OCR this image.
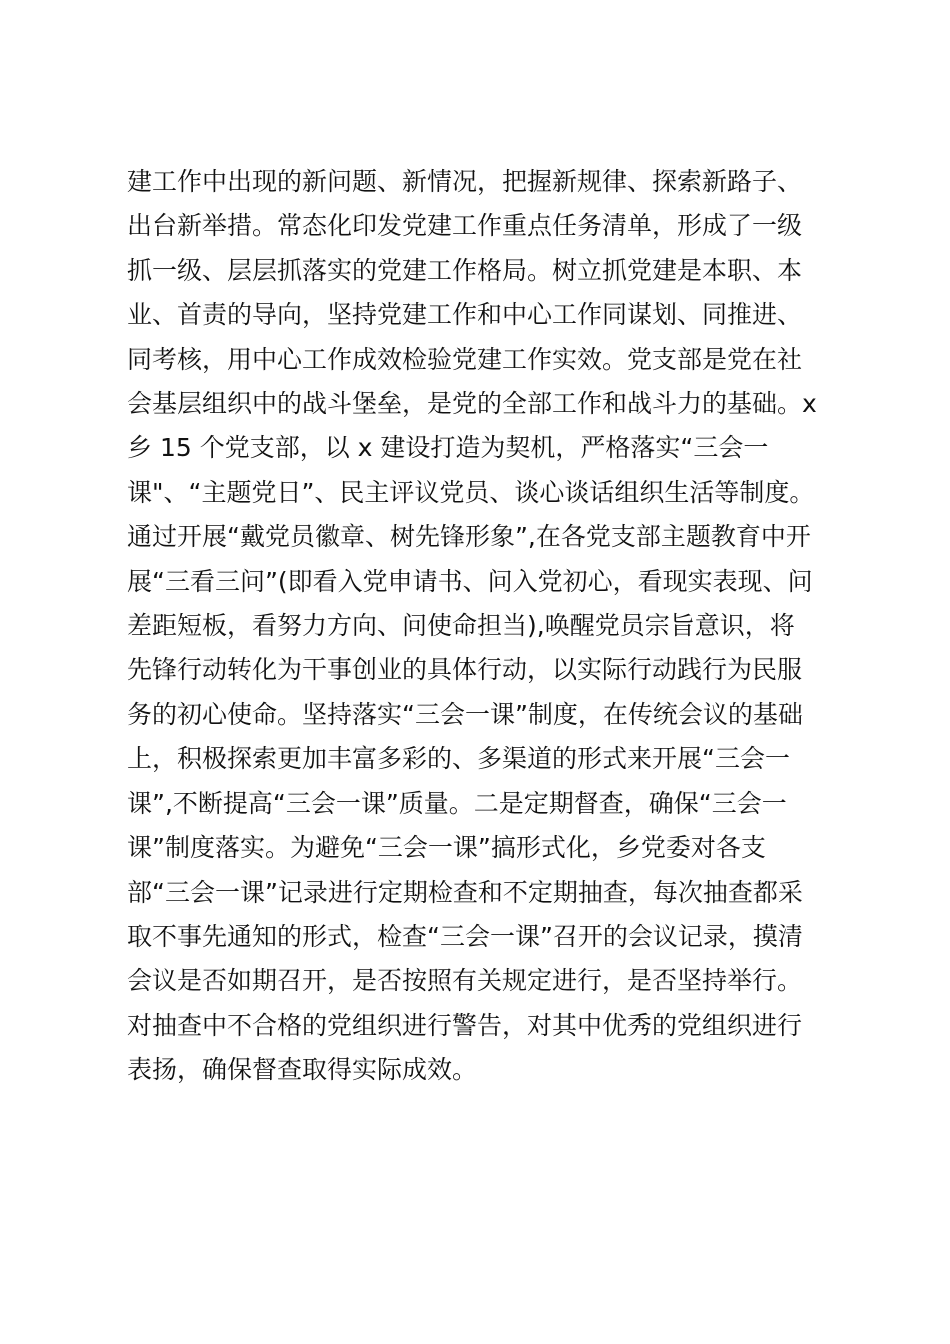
建工作中出现的新问题、新情况，把握新规律、探索新路子、
出台新举措。常态化印发党建工作重点任务清单，形成了一级
抓一级、层层抓落实的党建工作格局。树立抓党建是本职、本
业、首责的导向，坚持党建工作和中心工作同谋划、同推进、
同考核，用中心工作成效检验党建工作实效。党支部是党在社
会基层组织中的战斗堡垒，是党的全部工作和战斗力的基础。x
乡 15 个党支部，以 x 建设打造为契机，严格落实“三会一
课"、“主题党日”、民主评议党员、谈心谈话组织生活等制度。
通过开展“戴党员徽章、树先锋形象”,在各党支部主题教育中开
展“三看三问”(即看入党申请书、问入党初心，看现实表现、问
差距短板，看努力方向、问使命担当),唤醒党员宗旨意识，将
先锋行动转化为干事创业的具体行动，以实际行动践行为民服
务的初心使命。坚持落实“三会一课”制度，在传统会议的基础
上，积极探索更加丰富多彩的、多渠道的形式来开展“三会一
课”,不断提高“三会一课”质量。二是定期督查，确保“三会一
课”制度落实。为避免“三会一课”搞形式化，乡党委对各支
部“三会一课”记录进行定期检查和不定期抽查，每次抽查都采
取不事先通知的形式，检查“三会一课”召开的会议记录，摸清
会议是否如期召开，是否按照有关规定进行，是否坚持举行。
对抽查中不合格的党组织进行警告，对其中优秀的党组织进行
表扬，确保督查取得实际成效。
